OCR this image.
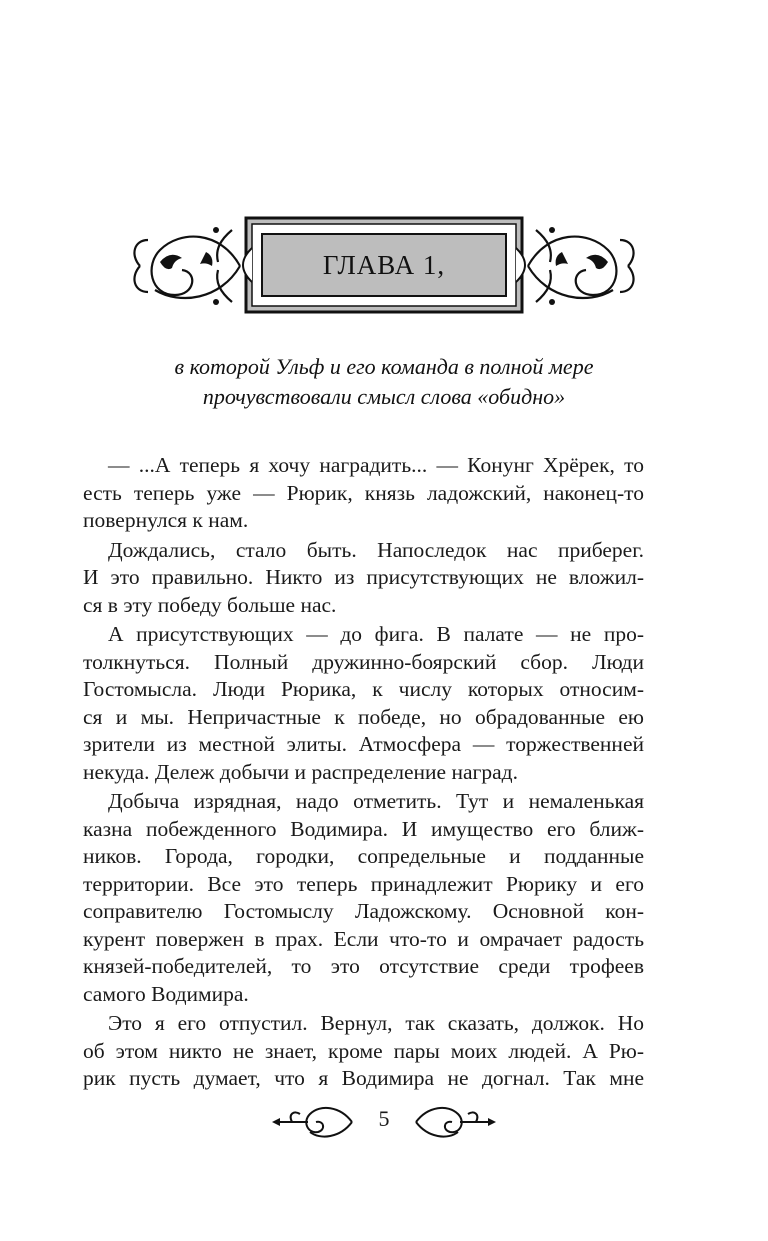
ГЛАВА 1,

в которой Ульф и его команда в полной мере

прочувствовали смысл слова «обидно»

— ...А теперь я хочу наградить... — Конунг Хрёрек, то
есть теперь уже — Рюрик, князь ладожский, наконец-то
повернулся к нам.

Дождались, стало быть. Напоследок нас приберег.
И это правильно. Никто из присутствующих не вложил-
ся в эту победу больше нас.

А присутствующих — до фига. В палате — не про-
толкнуться. Полный дружинно-боярский сбор. Люди
Гостомысла. Люди Рюрика, к числу которых относим-
ся и мы. Непричастные к победе, но обрадованные ею
зрители из местной элиты. Атмосфера — торжественней
некуда. Дележ добычи и распределение наград.

Добыча изрядная, надо отметить. Тут и немаленькая
казна побежденного Водимира. И имущество его ближ-
ников. Города, городки, сопредельные и подданные
территории. Все это теперь принадлежит Рюрику и его
соправителю Гостомыслу Ладожскому. Основной кон-
курент повержен в прах. Если что-то и омрачает радость
князей-победителей, то это отсутствие среди трофеев
самого Водимира.

Это я его отпустил. Вернул, так сказать, должок. Но
об этом никто не знает, кроме пары моих людей. А Рю-
рик пусть думает, что я Водимира не догнал. Так мне

5
